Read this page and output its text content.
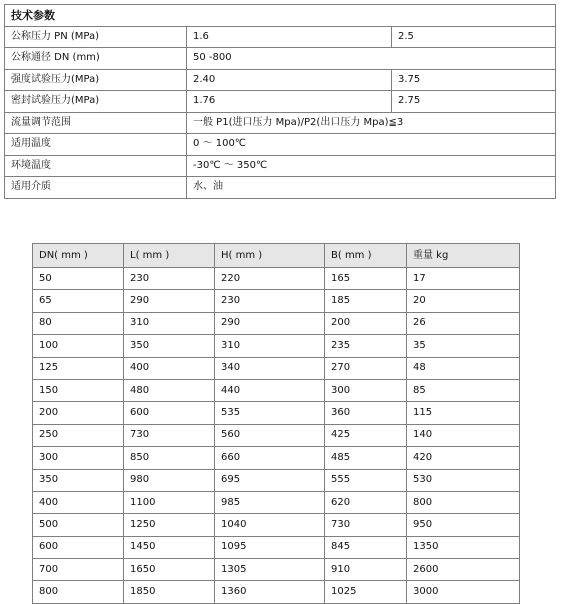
技术参数		
公称压力 PN (MPa)	1.6	2.5
公称通径 DN (mm)	50 -800	
强度试验压力(MPa)	2.40	3.75
密封试验压力(MPa)	1.76	2.75
流量调节范围	一般 P1(进口压力 Mpa)/P2(出口压力 Mpa)≦3	
适用温度	0 ～ 100℃	
环境温度	-30℃ ～ 350℃	
适用介质	水、油	
DN( mm )	L( mm )	H( mm )	B( mm )	重量 kg
50	230	220	165	17
65	290	230	185	20
80	310	290	200	26
100	350	310	235	35
125	400	340	270	48
150	480	440	300	85
200	600	535	360	115
250	730	560	425	140
300	850	660	485	420
350	980	695	555	530
400	1100	985	620	800
500	1250	1040	730	950
600	1450	1095	845	1350
700	1650	1305	910	2600
800	1850	1360	1025	3000
